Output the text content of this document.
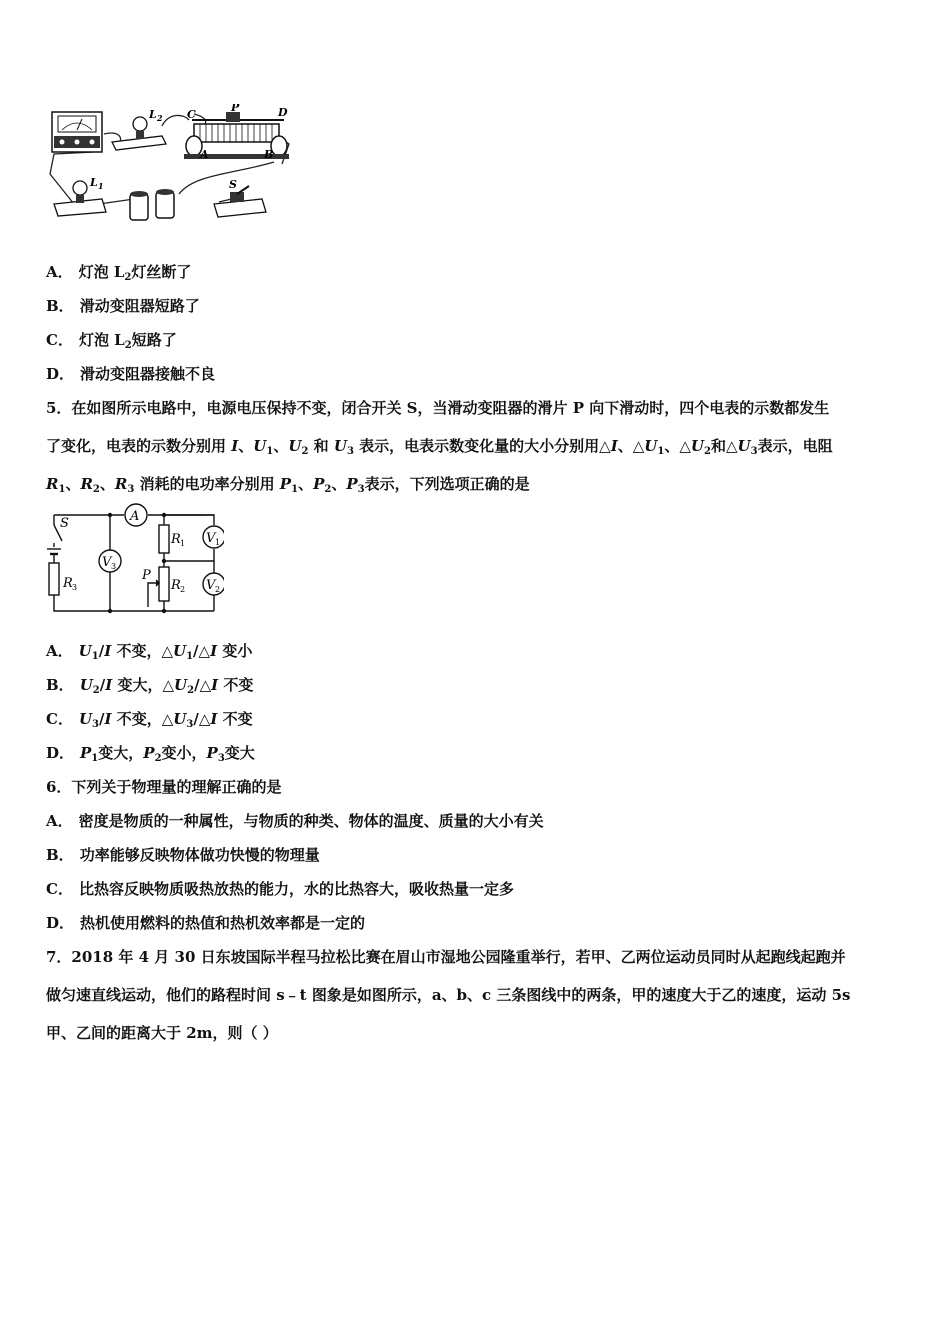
L 2 C
P	D
A	B
L 1	S
A． 灯泡 $L_2$灯丝断了
B． 滑动变阻器短路了
C． 灯泡 $L_2$短路了
D． 滑动变阻器接触不良
5．在如图所示电路中，电源电压保持不变，闭合开关 S，当滑动变阻器的滑片 P 向下滑动时，四个电表的示数都发生
了变化，电表的示数分别用 I、$U_1$、$U_2$ 和 $U_3$ 表示，电表示数变化量的大小分别用△I、$\triangle U_1$、$\triangle U_2$和$\triangle U_3$表示，电阻
$R_1$、$R_2$、$R_3$ 消耗的电功率分别用 $P_1$、$P_2$、$P_3$表示，下列选项正确的是
A
V 3
V 1
V 2
S
R 3
R 1
R 2
P
A． $U_1/I$ 不变，$\triangle U_1/\triangle I$ 变小
B． $U_2/I$ 变大，$\triangle U_2/\triangle I$ 不变
C． $U_3/I$ 不变，$\triangle U_3/\triangle I$ 不变
D． $P_1$变大，$P_2$变小，$P_3$变大
6．下列关于物理量的理解正确的是
A． 密度是物质的一种属性，与物质的种类、物体的温度、质量的大小有关
B． 功率能够反映物体做功快慢的物理量
C． 比热容反映物质吸热放热的能力，水的比热容大，吸收热量一定多
D． 热机使用燃料的热值和热机效率都是一定的
7．2018 年 4 月 30 日东坡国际半程马拉松比赛在眉山市湿地公园隆重举行，若甲、乙两位运动员同时从起跑线起跑并
做匀速直线运动，他们的路程时间 s﹣t 图象是如图所示，a、b、c 三条图线中的两条，甲的速度大于乙的速度，运动 5s
甲、乙间的距离大于 2m，则（ ）
